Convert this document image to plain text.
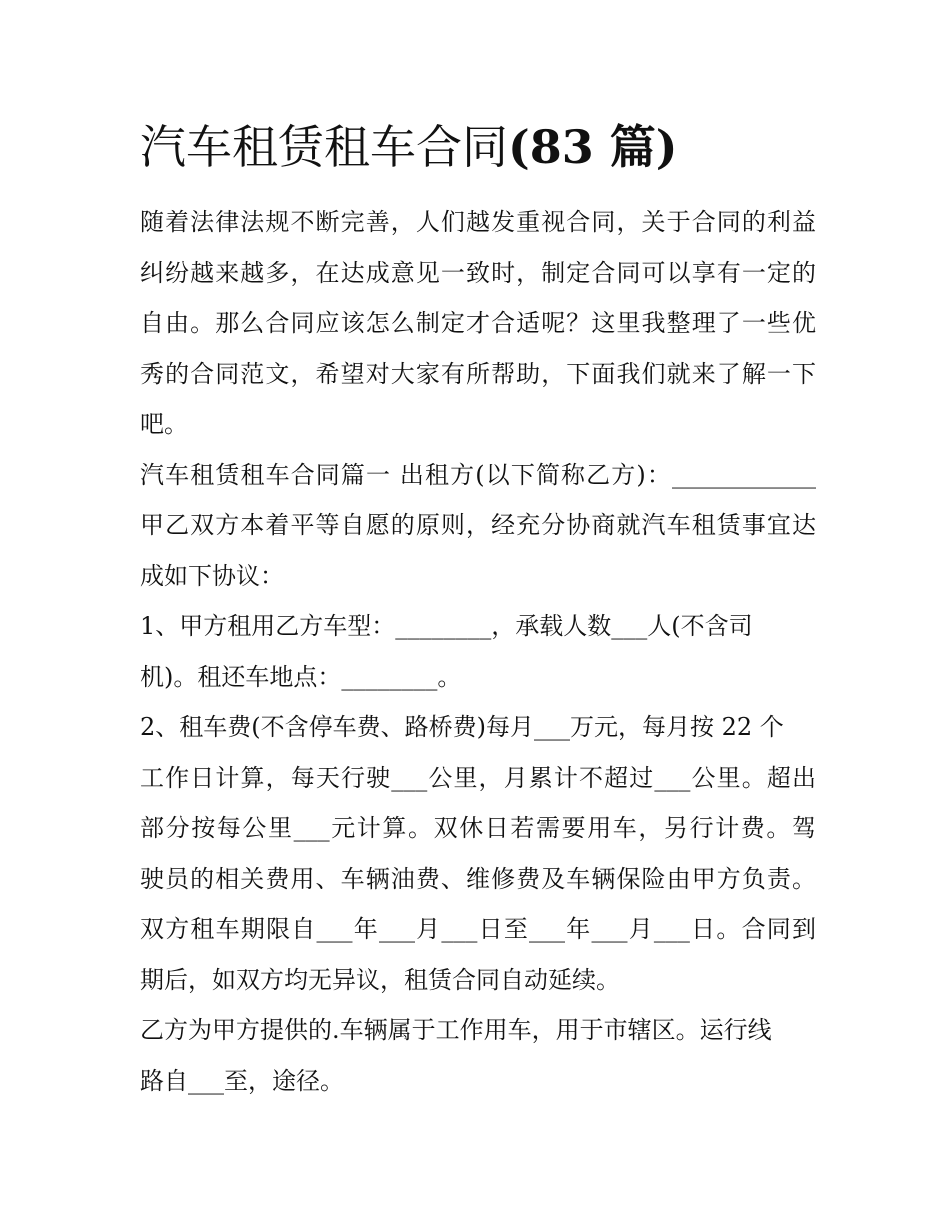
汽车租赁租车合同(83 篇)
随着法律法规不断完善，人们越发重视合同，关于合同的利益
纠纷越来越多，在达成意见一致时，制定合同可以享有一定的
自由。那么合同应该怎么制定才合适呢？这里我整理了一些优
秀的合同范文，希望对大家有所帮助，下面我们就来了解一下
吧。
汽车租赁租车合同篇一 出租方(以下简称乙方)：____________
甲乙双方本着平等自愿的原则，经充分协商就汽车租赁事宜达
成如下协议：
1、甲方租用乙方车型：________，承载人数___人(不含司
机)。租还车地点：________。
2、租车费(不含停车费、路桥费)每月___万元，每月按 22 个
工作日计算，每天行驶___公里，月累计不超过___公里。超出
部分按每公里___元计算。双休日若需要用车，另行计费。驾
驶员的相关费用、车辆油费、维修费及车辆保险由甲方负责。
双方租车期限自___年___月___日至___年___月___日。合同到
期后，如双方均无异议，租赁合同自动延续。
乙方为甲方提供的.车辆属于工作用车，用于市辖区。运行线
路自___至，途径。
